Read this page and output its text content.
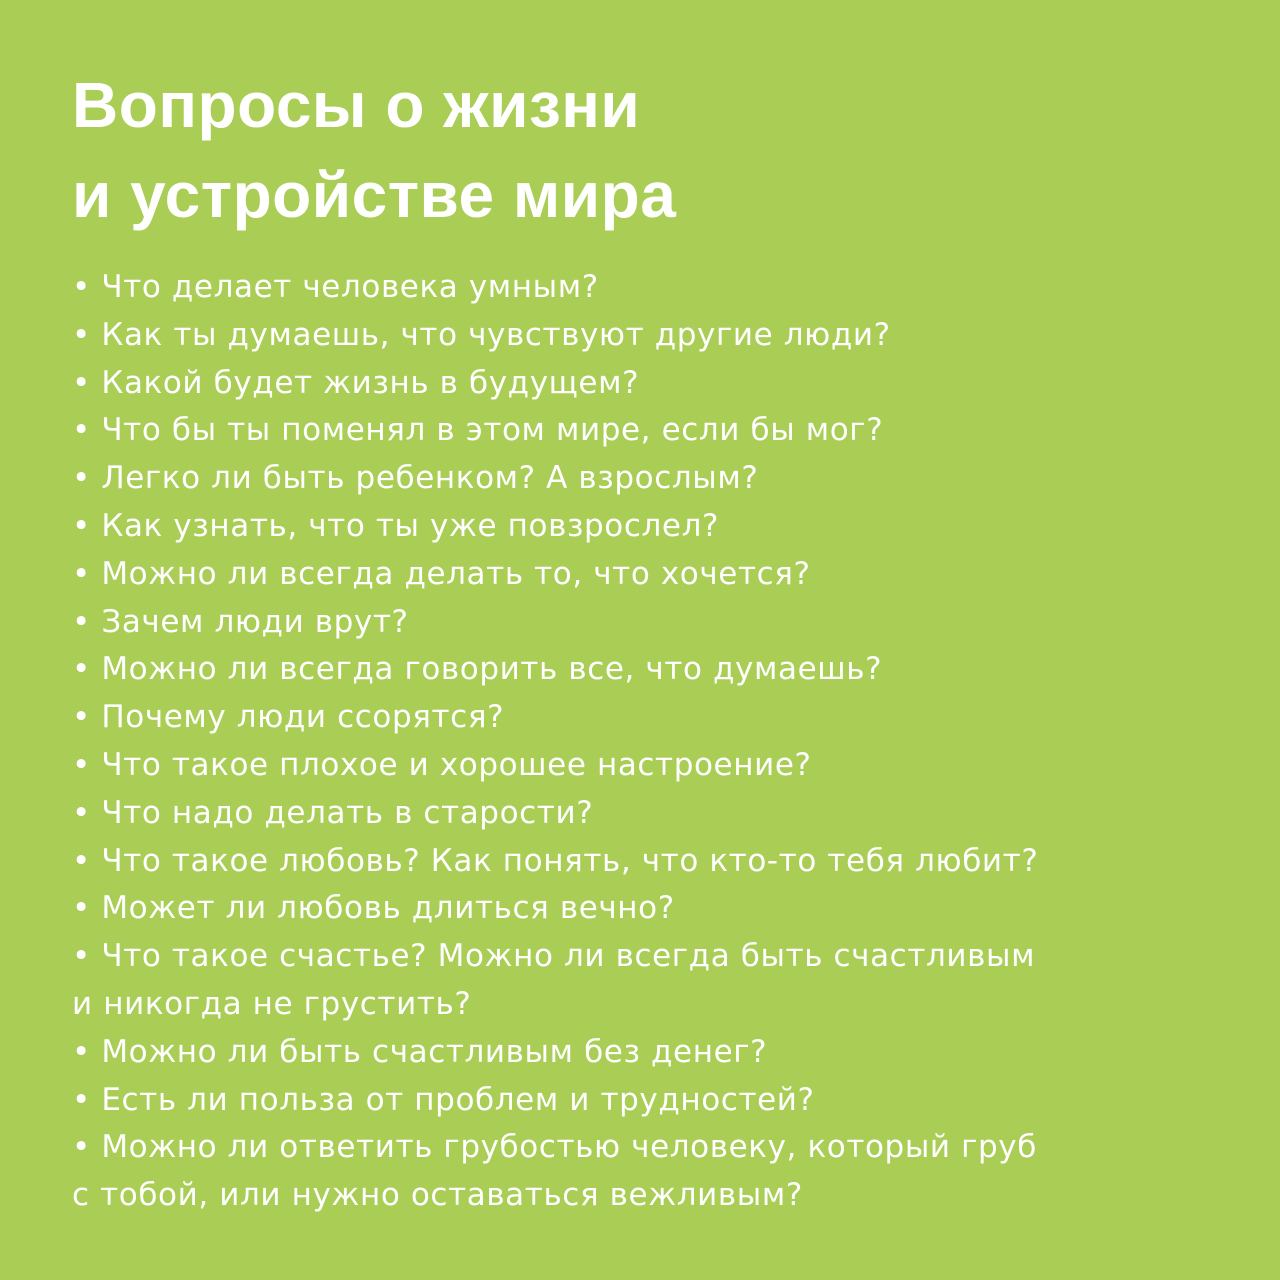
Вопросы о жизни
и устройстве мира
• Что делает человека умным?
• Как ты думаешь, что чувствуют другие люди?
• Какой будет жизнь в будущем?
• Что бы ты поменял в этом мире, если бы мог?
• Легко ли быть ребенком? А взрослым?
• Как узнать, что ты уже повзрослел?
• Можно ли всегда делать то, что хочется?
• Зачем люди врут?
• Можно ли всегда говорить все, что думаешь?
• Почему люди ссорятся?
• Что такое плохое и хорошее настроение?
• Что надо делать в старости?
• Что такое любовь? Как понять, что кто-то тебя любит?
• Может ли любовь длиться вечно?
• Что такое счастье? Можно ли всегда быть счастливым
и никогда не грустить?
• Можно ли быть счастливым без денег?
• Есть ли польза от проблем и трудностей?
• Можно ли ответить грубостью человеку, который груб
с тобой, или нужно оставаться вежливым?
